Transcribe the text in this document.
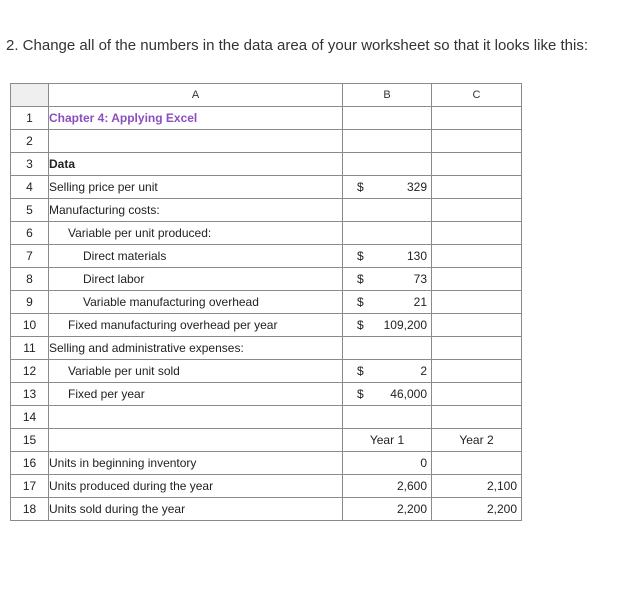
2. Change all of the numbers in the data area of your worksheet so that it looks like this:
	A	B	C
1	Chapter 4: Applying Excel		
2			
3	Data		
4	Selling price per unit	$ 329	

5	Manufacturing costs:		
6	Variable per unit produced:		
7	Direct materials	$ 130	

8	Direct labor	$ 73	

9	Variable manufacturing overhead	$ 21	

10	Fixed manufacturing overhead per year	$ 109,200	

11	Selling and administrative expenses:		
12	Variable per unit sold	$ 2	

13	Fixed per year	$ 46,000	

14			
15		Year 1	Year 2

16	Units in beginning inventory	0	

17	Units produced during the year	2,600	2,100

18	Units sold during the year	2,200	2,200
